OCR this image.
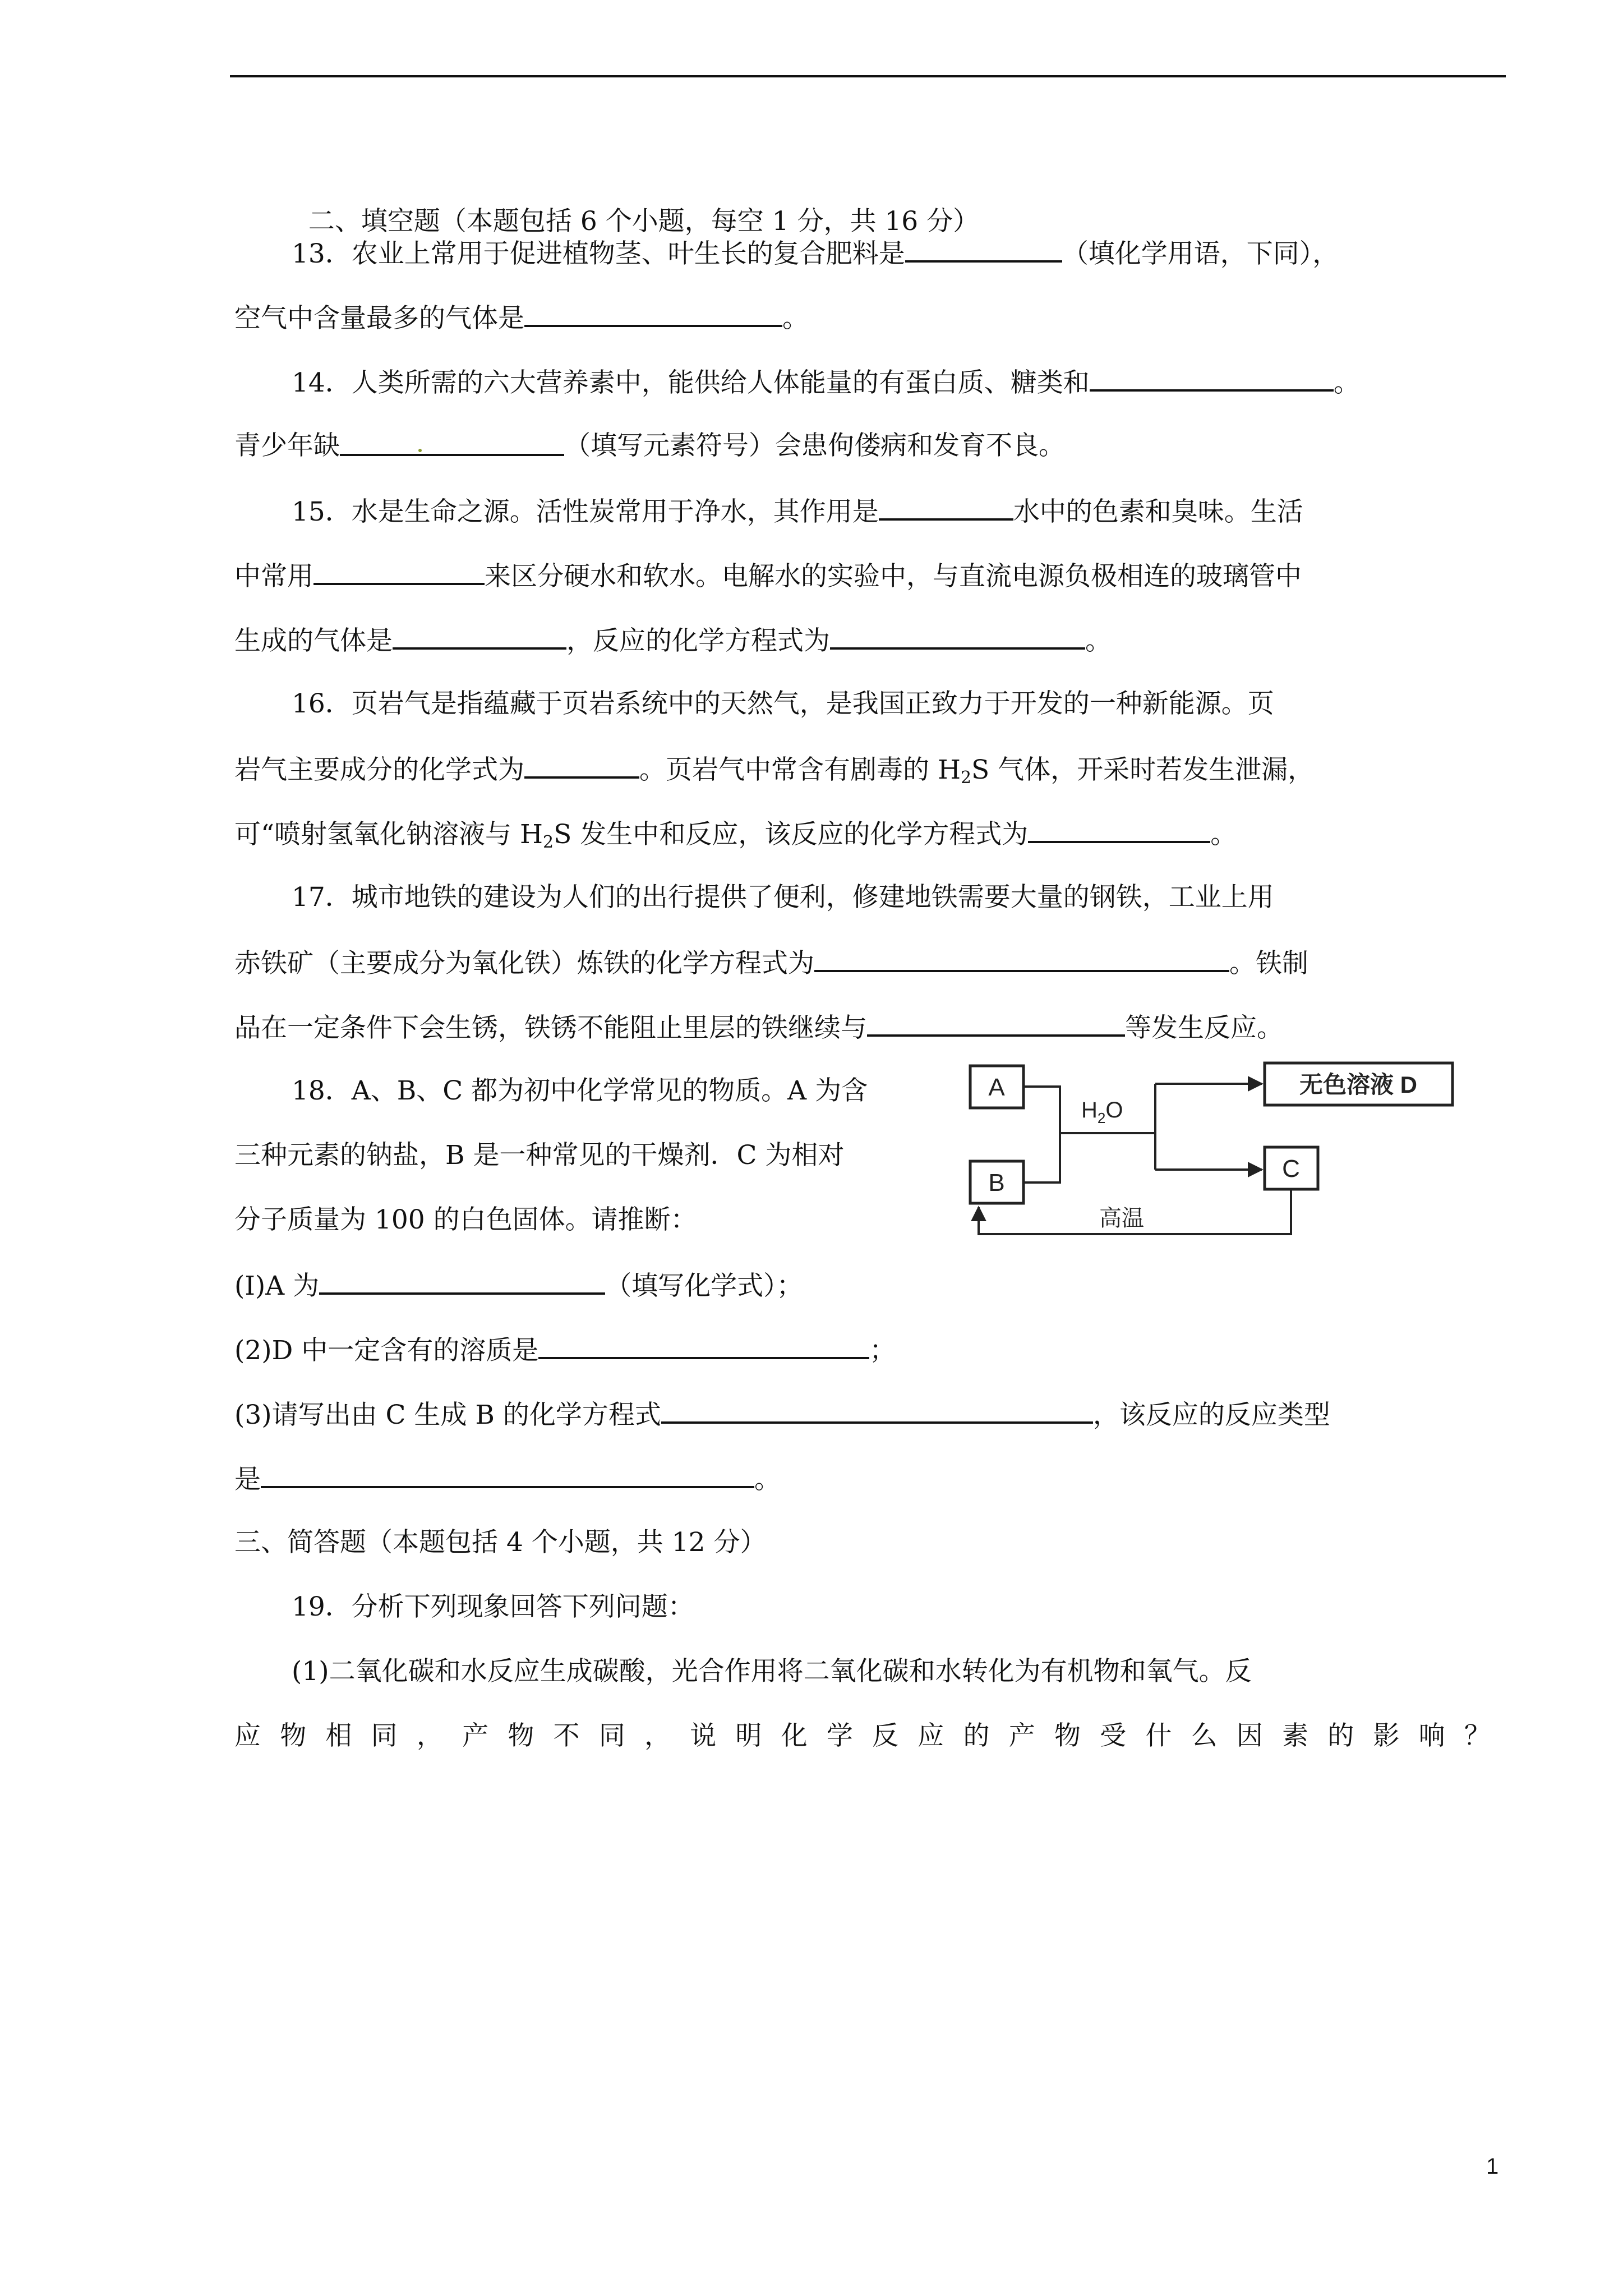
二、填空题（本题包括 6 个小题，每空 1 分，共 16 分）

13．农业上常用于促进植物茎、叶生长的复合肥料是	（填化学用语，下同），
空气中含量最多的气体是	。
14．人类所需的六大营养素中，能供给人体能量的有蛋白质、糖类和	。
青少年缺	（填写元素符号）会患佝偻病和发育不良。
15．水是生命之源。活性炭常用于净水，其作用是	水中的色素和臭味。生活
中常用	来区分硬水和软水。电解水的实验中，与直流电源负极相连的玻璃管中
生成的气体是	，反应的化学方程式为	。
16．页岩气是指蕴藏于页岩系统中的天然气，是我国正致力于开发的一种新能源。页
岩气主要成分的化学式为	。页岩气中常含有剧毒的 $H_2S$ 气体，开采时若发生泄漏，
可“喷射氢氧化钠溶液与 $H_2S$ 发生中和反应，该反应的化学方程式为	。
17．城市地铁的建设为人们的出行提供了便利，修建地铁需要大量的钢铁，工业上用
赤铁矿（主要成分为氧化铁）炼铁的化学方程式为	。铁制
品在一定条件下会生锈，铁锈不能阻止里层的铁继续与	等发生反应。
18．A、B、C 都为初中化学常见的物质。A 为含
三种元素的钠盐，B 是一种常见的干燥剂．C 为相对
分子质量为 100 的白色固体。请推断：
(I)A 为	（填写化学式）；
(2)D 中一定含有的溶质是	；
(3)请写出由 C 生成 B 的化学方程式	，该反应的反应类型
是	。
A
B
C
无色溶液 D
$H_2O$
高温
三、简答题（本题包括 4 个小题，共 12 分）
19．分析下列现象回答下列问题：
(1)二氧化碳和水反应生成碳酸，光合作用将二氧化碳和水转化为有机物和氧气。反
应 物 相 同 ， 产 物 不 同 ， 说 明 化 学 反 应 的 产 物 受 什 么 因 素 的 影 响 ？
1
